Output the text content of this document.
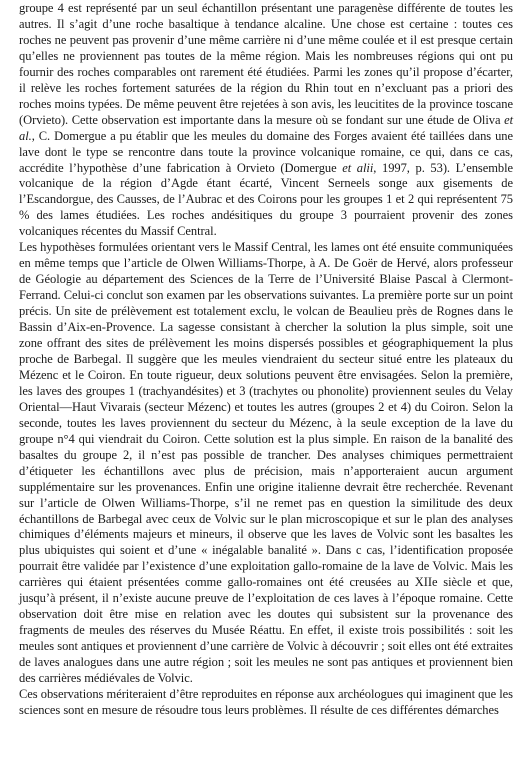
groupe 4 est représenté par un seul échantillon présentant une paragenèse différente de toutes les autres. Il s’agit d’une roche basaltique à tendance alcaline. Une chose est certaine : toutes ces roches ne peuvent pas provenir d’une même carrière ni d’une même coulée et il est presque certain qu’elles ne proviennent pas toutes de la même région. Mais les nombreuses régions qui ont pu fournir des roches comparables ont rarement été étudiées. Parmi les zones qu’il propose d’écarter, il relève les roches fortement saturées de la région du Rhin tout en n’excluant pas a priori des roches moins typées. De même peuvent être rejetées à son avis, les leucitites de la province toscane (Orvieto). Cette observation est importante dans la mesure où se fondant sur une étude de Oliva et al., C. Domergue a pu établir que les meules du domaine des Forges avaient été taillées dans une lave dont le type se rencontre dans toute la province volcanique romaine, ce qui, dans ce cas, accrédite l’hypothèse d’une fabrication à Orvieto (Domergue et alii, 1997, p. 53). L’ensemble volcanique de la région d’Agde étant écarté, Vincent Serneels songe aux gisements de l’Escandorgue, des Causses, de l’Aubrac et des Coirons pour les groupes 1 et 2 qui représentent 75 % des lames étudiées. Les roches andésitiques du groupe 3 pourraient provenir des zones volcaniques récentes du Massif Central.

Les hypothèses formulées orientant vers le Massif Central, les lames ont été ensuite communiquées en même temps que l’article de Olwen Williams-Thorpe, à A. De Goër de Hervé, alors professeur de Géologie au département des Sciences de la Terre de l’Université Blaise Pascal à Clermont-Ferrand. Celui-ci conclut son examen par les observations suivantes. La première porte sur un point précis. Un site de prélèvement est totalement exclu, le volcan de Beaulieu près de Rognes dans le Bassin d’Aix-en-Provence. La sagesse consistant à chercher la solution la plus simple, soit une zone offrant des sites de prélèvement les moins dispersés possibles et géographiquement la plus proche de Barbegal. Il suggère que les meules viendraient du secteur situé entre les plateaux du Mézenc et le Coiron. En toute rigueur, deux solutions peuvent être envisagées. Selon la première, les laves des groupes 1 (trachyandésites) et 3 (trachytes ou phonolite) proviennent seules du Velay Oriental—Haut Vivarais (secteur Mézenc) et toutes les autres (groupes 2 et 4) du Coiron. Selon la seconde, toutes les laves proviennent du secteur du Mézenc, à la seule exception de la lave du groupe n°4 qui viendrait du Coiron. Cette solution est la plus simple. En raison de la banalité des basaltes du groupe 2, il n’est pas possible de trancher. Des analyses chimiques permettraient d’étiqueter les échantillons avec plus de précision, mais n’apporteraient aucun argument supplémentaire sur les provenances. Enfin une origine italienne devrait être recherchée. Revenant sur l’article de Olwen Williams-Thorpe, s’il ne remet pas en question la similitude des deux échantillons de Barbegal avec ceux de Volvic sur le plan microscopique et sur le plan des analyses chimiques d’éléments majeurs et mineurs, il observe que les laves de Volvic sont les basaltes les plus ubiquistes qui soient et d’une « inégalable banalité ». Dans c cas, l’identification proposée pourrait être validée par l’existence d’une exploitation gallo-romaine de la lave de Volvic. Mais les carrières qui étaient présentées comme gallo-romaines ont été creusées au XIIe siècle et que, jusqu’à présent, il n’existe aucune preuve de l’exploitation de ces laves à l’époque romaine. Cette observation doit être mise en relation avec les doutes qui subsistent sur la provenance des fragments de meules des réserves du Musée Réattu. En effet, il existe trois possibilités : soit les meules sont antiques et proviennent d’une carrière de Volvic à découvrir ; soit elles ont été extraites de laves analogues dans une autre région ; soit les meules ne sont pas antiques et proviennent bien des carrières médiévales de Volvic.

Ces observations mériteraient d’être reproduites en réponse aux archéologues qui imaginent que les sciences sont en mesure de résoudre tous leurs problèmes. Il résulte de ces différentes démarches
